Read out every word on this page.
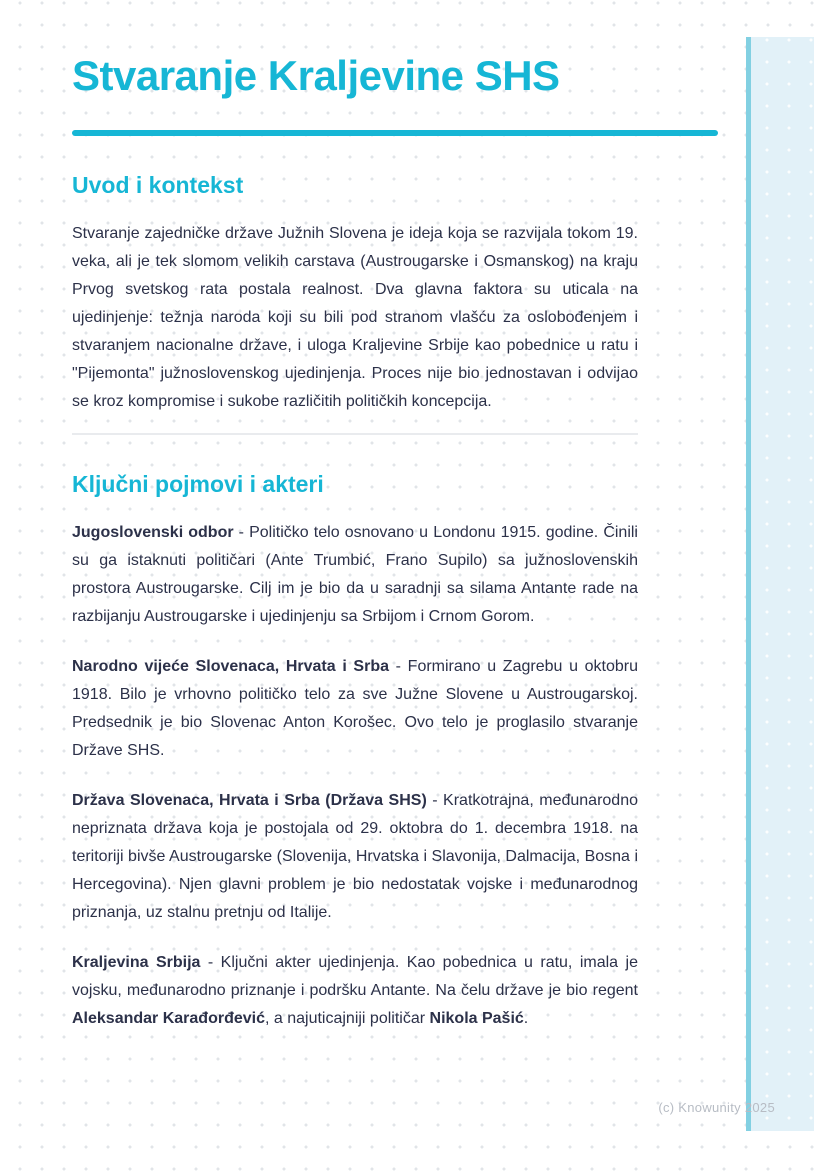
Stvaranje Kraljevine SHS
Uvod i kontekst

Stvaranje zajedničke države Južnih Slovena je ideja koja se razvijala tokom 19. veka, ali je tek slomom velikih carstava (Austrougarske i Osmanskog) na kraju Prvog svetskog rata postala realnost. Dva glavna faktora su uticala na ujedinjenje: težnja naroda koji su bili pod stranom vlašću za oslobođenjem i stvaranjem nacionalne države, i uloga Kraljevine Srbije kao pobednice u ratu i "Pijemonta" južnoslovenskog ujedinjenja. Proces nije bio jednostavan i odvijao se kroz kompromise i sukobe različitih političkih koncepcija.

Ključni pojmovi i akteri

Jugoslovenski odbor - Političko telo osnovano u Londonu 1915. godine. Činili su ga istaknuti političari (Ante Trumbić, Frano Supilo) sa južnoslovenskih prostora Austrougarske. Cilj im je bio da u saradnji sa silama Antante rade na razbijanju Austrougarske i ujedinjenju sa Srbijom i Crnom Gorom.

Narodno vijeće Slovenaca, Hrvata i Srba - Formirano u Zagrebu u oktobru 1918. Bilo je vrhovno političko telo za sve Južne Slovene u Austrougarskoj. Predsednik je bio Slovenac Anton Korošec. Ovo telo je proglasilo stvaranje Države SHS.

Država Slovenaca, Hrvata i Srba (Država SHS) - Kratkotrajna, međunarodno nepriznata država koja je postojala od 29. oktobra do 1. decembra 1918. na teritoriji bivše Austrougarske (Slovenija, Hrvatska i Slavonija, Dalmacija, Bosna i Hercegovina). Njen glavni problem je bio nedostatak vojske i međunarodnog priznanja, uz stalnu pretnju od Italije.

Kraljevina Srbija - Ključni akter ujedinjenja. Kao pobednica u ratu, imala je vojsku, međunarodno priznanje i podršku Antante. Na čelu države je bio regent Aleksandar Karađorđević, a najuticajniji političar Nikola Pašić.

(c) Knowunity 2025
